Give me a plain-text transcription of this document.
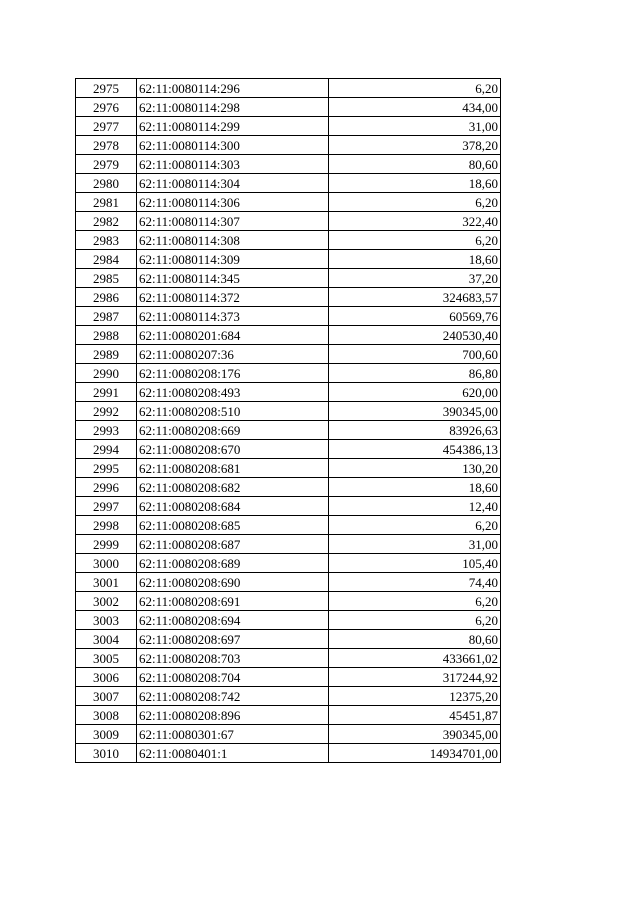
2975	62:11:0080114:296	6,20
2976	62:11:0080114:298	434,00
2977	62:11:0080114:299	31,00
2978	62:11:0080114:300	378,20
2979	62:11:0080114:303	80,60
2980	62:11:0080114:304	18,60
2981	62:11:0080114:306	6,20
2982	62:11:0080114:307	322,40
2983	62:11:0080114:308	6,20
2984	62:11:0080114:309	18,60
2985	62:11:0080114:345	37,20
2986	62:11:0080114:372	324683,57
2987	62:11:0080114:373	60569,76
2988	62:11:0080201:684	240530,40
2989	62:11:0080207:36	700,60
2990	62:11:0080208:176	86,80
2991	62:11:0080208:493	620,00
2992	62:11:0080208:510	390345,00
2993	62:11:0080208:669	83926,63
2994	62:11:0080208:670	454386,13
2995	62:11:0080208:681	130,20
2996	62:11:0080208:682	18,60
2997	62:11:0080208:684	12,40
2998	62:11:0080208:685	6,20
2999	62:11:0080208:687	31,00
3000	62:11:0080208:689	105,40
3001	62:11:0080208:690	74,40
3002	62:11:0080208:691	6,20
3003	62:11:0080208:694	6,20
3004	62:11:0080208:697	80,60
3005	62:11:0080208:703	433661,02
3006	62:11:0080208:704	317244,92
3007	62:11:0080208:742	12375,20
3008	62:11:0080208:896	45451,87
3009	62:11:0080301:67	390345,00
3010	62:11:0080401:1	14934701,00
